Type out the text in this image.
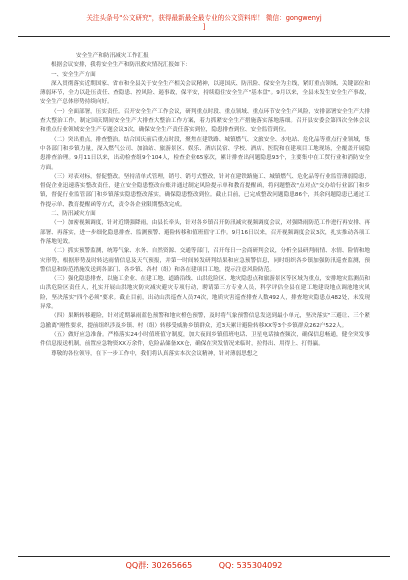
关注头条号"公文研究"，获得最新最全最专业的公文资料库！ 微信：gongwenyj
]
安全生产和防汛减灾工作汇报

根据会议安排，我将安全生产和防汛救灾情况汇报如下：

一、安全生产方面

深入贯彻落实近期国家、省市和全县关于安全生产相关会议精神，以迎国庆、防汛险、保安全为主线，紧盯重点领域、关键部位和薄弱环节，全力以赴压责任、查隐患、控风险、遏事故，保平安，持续稳住安全生产"基本盘"。9月以来，全县未发生安全生产事故，安全生产总体形势持续向好。

（一）全面部署，压实责任。召开安全生产工作会议，研判重点时段、重点领域、重点环节安全生产风险，安排部署安全生产大排查大整治工作，制定国庆期间安全生产大排查大整治工作方案，着力抓紧安全生产措施落实落地落细。召开县安委会第四次全体会议和重点行业领域安全生产专题会议3次，确保安全生产责任落实到位，隐患排查到位、安全监管到位。

（二）突出重点，排查整治。结合国庆前后重点时段，聚焦在建铁路、城镇燃气、文旅安全、水电站、危化品等重点行业领域，集中各部门和乡镇力量，深入燃气公司、加油站、旅游景区、娱乐、酒店民宿、学校、酒店、医院和在建项目工地现场，全覆盖开展隐患排查治理。9月11日以来，出动检查组9个104人，检查企业65家次，累计排查出问题隐患93个，主要集中在工贸行业和消防安全方面。

（三）对表对标，督促整改。坚持清单式管理，销号、销号式整改，针对在建铁路施工、城镇燃气、危化品等行业监管薄弱隐患，督促企业迅速落实整改责任，建立安全隐患整改台账并通过制定风险提示单和教育提醒函，将问题整改"点对点"交办给行业部门和乡镇，督促行业监管部门和乡镇落实隐患整改落实，确保隐患整改到位。截止目前，已完成整改问题隐患86个，其余问题隐患已通过工作提示单、教育提醒函等方式，责令各企业限期整改完成。

二、防汛减灾方面

（一）加密视频调度，针对近期强降雨，由县长牵头，针对各乡镇召开防汛减灾视频调度会议，对强降雨防范工作进行再安排、再部署、再落实，进一步细化隐患排查、监测预警、避险转移和值班值守工作。9月16日以来，召开视频调度会议3次，扎实推动各项工作落地见效。

（二）抓实预警监测，统筹气象、水务、自然资源、交通等部门，召开每日一会商研判会议，分析全县研判雨情、水情、险情和地灾形势，根据形势及时转达雨情信息及天气预报，并第一时间转发研判结果和应急预警信息，同时组织各乡镇加强防汛巡查监测，预警信息和防范措施发送到各部门、各乡镇、各村（组）和各在建项目工地，提示注意风险防范。

（三）强化隐患排查，以施工企业、在建工地、道路沿线、山洪危险区、地灾隐患点和旅游景区等区域为重点，安排地灾监测员和山洪危险区责任人，扎实开展山洪地灾防灾减灾避灾专项行动，聘请第三方专业人员，科学评估全县在建工地建设地点调池地灾风险，坚决落实"四个必须"要求。截止目前，出动山洪巡查人员74次，地质灾害巡查排查人数492人，排查地灾隐患点482处，未发现异常。

（四）果断转移避险，针对近期暴雨蓝色预警和地灾橙色预警，及时将气象预警信息发送到最小单元，坚决落实"三避让、三个紧急撤离"刚性要求，提前组织涉及乡镇、村（组）转移受威胁乡镇群众，近3天累计避险转移XX等3个乡镇群众262户522人。

（五）做好应急准备。严格落实24小时值班值守制度，加大夜间乡镇值班电话、卫星电话抽查频次，确保信息畅通，健全突发事件信息报送机制，前置应急物资XX万余件，危险品储备XX仓，确保在突发情况来临时，拉得出、用得上、打得赢。

尊敬的各位领导，在下一步工作中，我们将认真落实本次会议精神，针对薄弱思想之

QQ群: 30265665	QQ: 535304092
